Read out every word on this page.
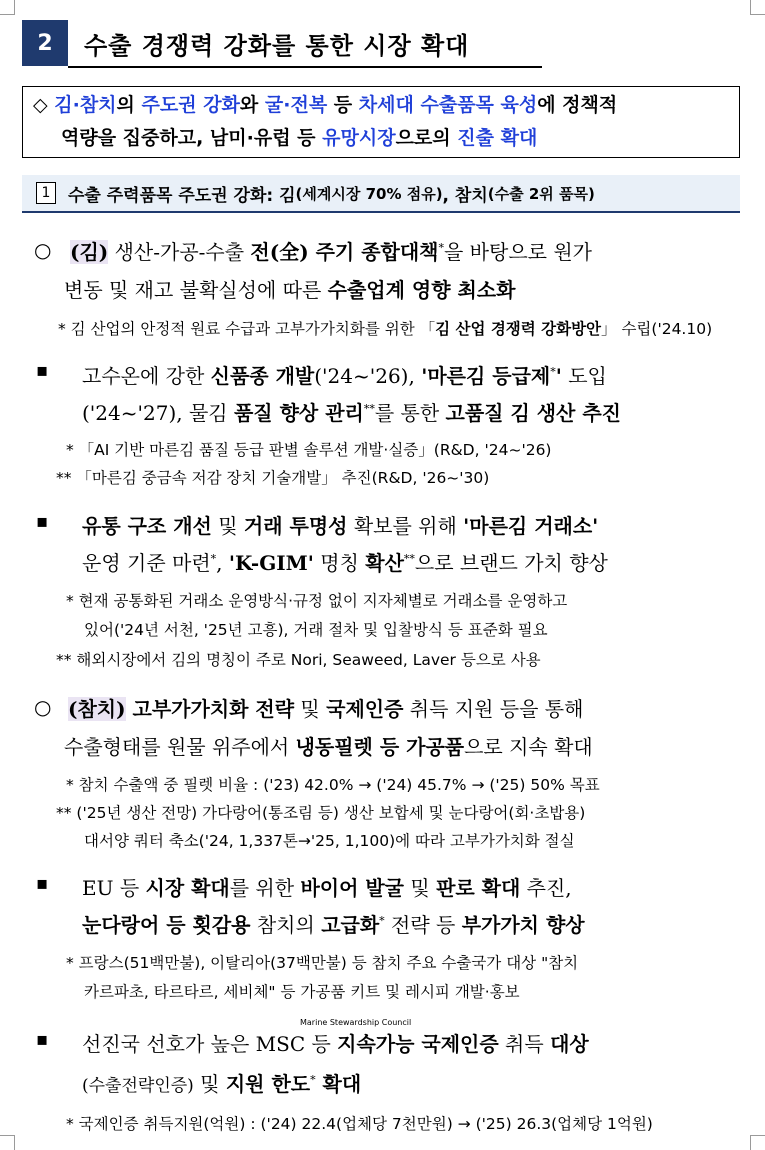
2	수출 경쟁력 강화를 통한 시장 확대
◇ 김·참치의 주도권 강화와 굴·전복 등 차세대 수출품목 육성에 정책적
역량을 집중하고, 남미·유럽 등 유망시장으로의 진출 확대
1	수출 주력품목 주도권 강화: 김 (세계시장 70% 점유) , 참치 (수출 2위 품목)
○ (김) 생산-가공-수출 전(全) 주기 종합대책*을 바탕으로 원가
변동 및 재고 불확실성에 따른 수출업계 영향 최소화
* 김 산업의 안정적 원료 수급과 고부가가치화를 위한 「김 산업 경쟁력 강화방안」 수립('24.10)
▪ 고수온에 강한 신품종 개발('24~'26), '마른김 등급제*' 도입
('24~'27), 물김 품질 향상 관리**를 통한 고품질 김 생산 추진
* 「AI 기반 마른김 품질 등급 판별 솔루션 개발·실증」(R&D, '24~'26)
** 「마른김 중금속 저감 장치 기술개발」 추진(R&D, '26~'30)
▪ 유통 구조 개선 및 거래 투명성 확보를 위해 '마른김 거래소'
운영 기준 마련*, 'K-GIM' 명칭 확산**으로 브랜드 가치 향상
* 현재 공통화된 거래소 운영방식·규정 없이 지자체별로 거래소를 운영하고
있어('24년 서천, '25년 고흥), 거래 절차 및 입찰방식 등 표준화 필요
** 해외시장에서 김의 명칭이 주로 Nori, Seaweed, Laver 등으로 사용
○ (참치) 고부가가치화 전략 및 국제인증 취득 지원 등을 통해
수출형태를 원물 위주에서 냉동필렛 등 가공품으로 지속 확대
* 참치 수출액 중 필렛 비율 : ('23) 42.0% → ('24) 45.7% → ('25) 50% 목표
** ('25년 생산 전망) 가다랑어(통조림 등) 생산 보합세 및 눈다랑어(회·초밥용)
대서양 쿼터 축소('24, 1,337톤→'25, 1,100)에 따라 고부가가치화 절실
▪ EU 등 시장 확대를 위한 바이어 발굴 및 판로 확대 추진,
눈다랑어 등 횟감용 참치의 고급화* 전략 등 부가가치 향상
* 프랑스(51백만불), 이탈리아(37백만불) 등 참치 주요 수출국가 대상 "참치
카르파초, 타르타르, 세비체" 등 가공품 키트 및 레시피 개발·홍보
Marine Stewardship Council
▪ 선진국 선호가 높은 MSC 등 지속가능 국제인증 취득 대상
(수출전략인증) 및 지원 한도* 확대
* 국제인증 취득지원(억원) : ('24) 22.4(업체당 7천만원) → ('25) 26.3(업체당 1억원)
